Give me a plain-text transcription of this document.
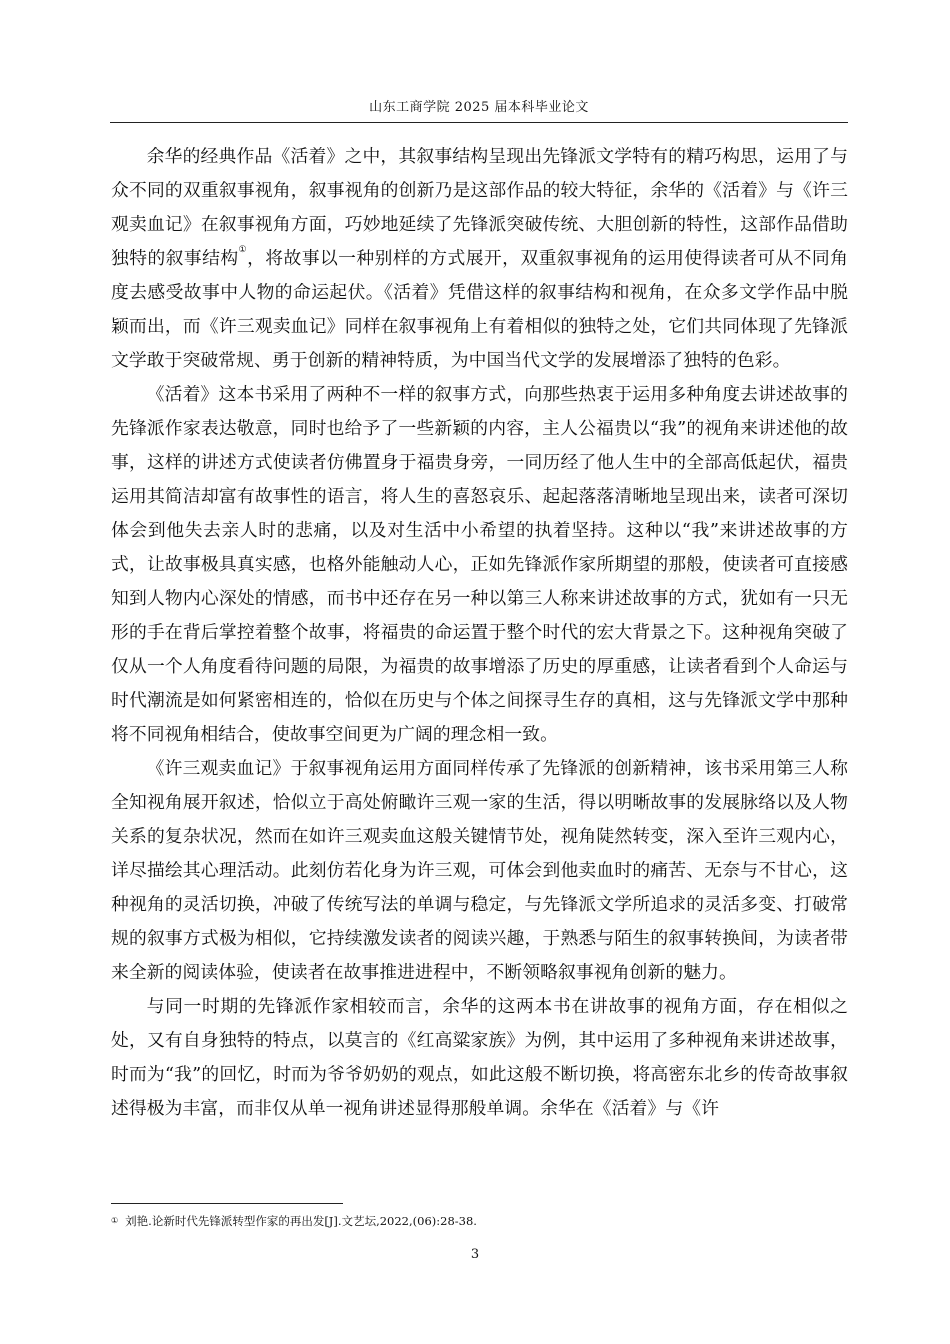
山东工商学院 2025 届本科毕业论文

余华的经典作品《活着》之中，其叙事结构呈现出先锋派文学特有的精巧构思，运用了与众不同的双重叙事视角，叙事视角的创新乃是这部作品的较大特征，余华的《活着》与《许三观卖血记》在叙事视角方面，巧妙地延续了先锋派突破传统、大胆创新的特性，这部作品借助独特的叙事结构①，将故事以一种别样的方式展开，双重叙事视角的运用使得读者可从不同角度去感受故事中人物的命运起伏。《活着》凭借这样的叙事结构和视角，在众多文学作品中脱颖而出，而《许三观卖血记》同样在叙事视角上有着相似的独特之处，它们共同体现了先锋派文学敢于突破常规、勇于创新的精神特质，为中国当代文学的发展增添了独特的色彩。

《活着》这本书采用了两种不一样的叙事方式，向那些热衷于运用多种角度去讲述故事的先锋派作家表达敬意，同时也给予了一些新颖的内容，主人公福贵以“我”的视角来讲述他的故事，这样的讲述方式使读者仿佛置身于福贵身旁，一同历经了他人生中的全部高低起伏，福贵运用其简洁却富有故事性的语言，将人生的喜怒哀乐、起起落落清晰地呈现出来，读者可深切体会到他失去亲人时的悲痛，以及对生活中小希望的执着坚持。这种以“我”来讲述故事的方式，让故事极具真实感，也格外能触动人心，正如先锋派作家所期望的那般，使读者可直接感知到人物内心深处的情感，而书中还存在另一种以第三人称来讲述故事的方式，犹如有一只无形的手在背后掌控着整个故事，将福贵的命运置于整个时代的宏大背景之下。这种视角突破了仅从一个人角度看待问题的局限，为福贵的故事增添了历史的厚重感，让读者看到个人命运与时代潮流是如何紧密相连的，恰似在历史与个体之间探寻生存的真相，这与先锋派文学中那种将不同视角相结合，使故事空间更为广阔的理念相一致。

《许三观卖血记》于叙事视角运用方面同样传承了先锋派的创新精神，该书采用第三人称全知视角展开叙述，恰似立于高处俯瞰许三观一家的生活，得以明晰故事的发展脉络以及人物关系的复杂状况，然而在如许三观卖血这般关键情节处，视角陡然转变，深入至许三观内心，详尽描绘其心理活动。此刻仿若化身为许三观，可体会到他卖血时的痛苦、无奈与不甘心，这种视角的灵活切换，冲破了传统写法的单调与稳定，与先锋派文学所追求的灵活多变、打破常规的叙事方式极为相似，它持续激发读者的阅读兴趣，于熟悉与陌生的叙事转换间，为读者带来全新的阅读体验，使读者在故事推进进程中，不断领略叙事视角创新的魅力。

与同一时期的先锋派作家相较而言，余华的这两本书在讲故事的视角方面，存在相似之处，又有自身独特的特点，以莫言的《红高粱家族》为例，其中运用了多种视角来讲述故事，时而为“我”的回忆，时而为爷爷奶奶的观点，如此这般不断切换，将高密东北乡的传奇故事叙述得极为丰富，而非仅从单一视角讲述显得那般单调。余华在《活着》与《许

① 刘艳.论新时代先锋派转型作家的再出发[J].文艺坛,2022,(06):28-38.
3
